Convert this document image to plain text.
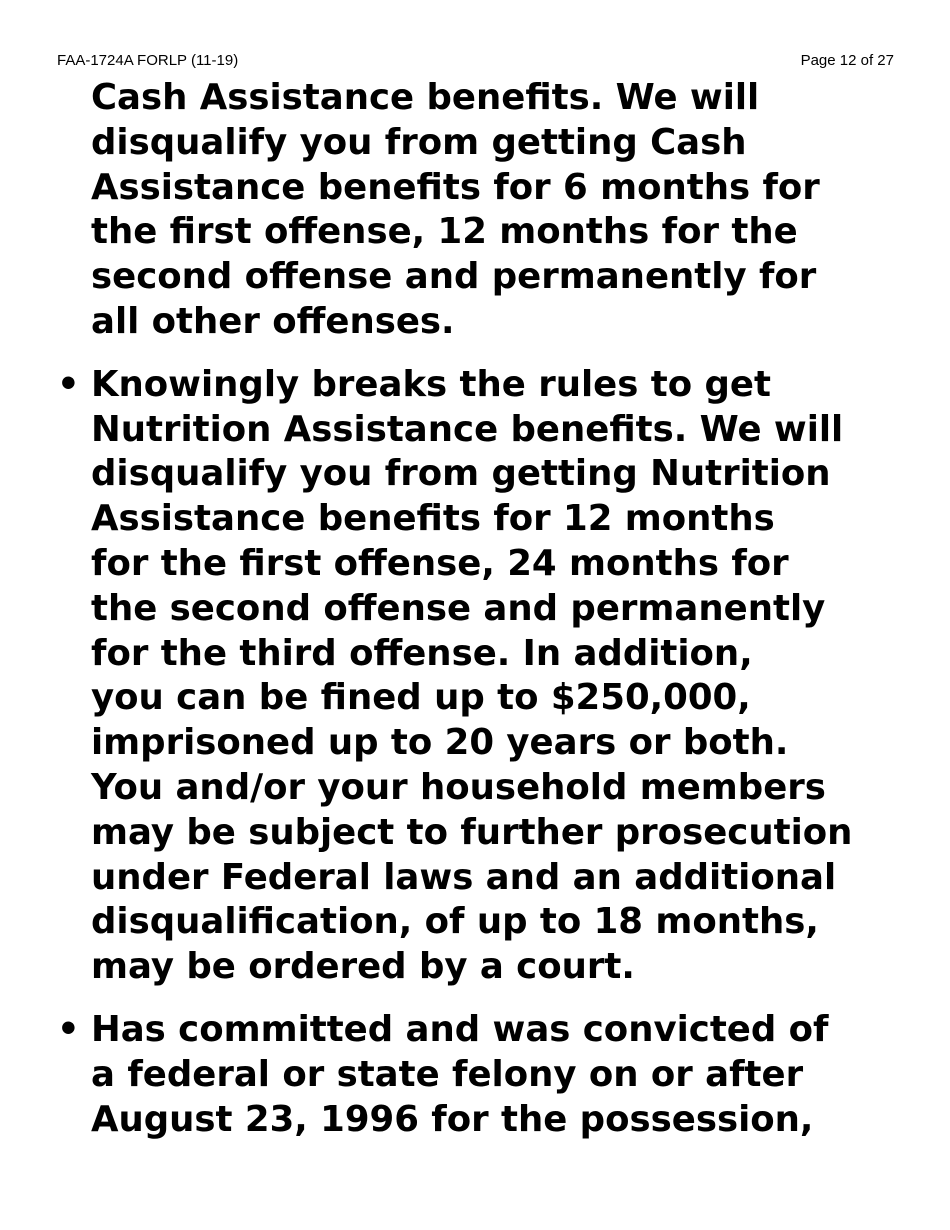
FAA-1724A FORLP (11-19)	Page 12 of 27
Cash Assistance benefits. We will
disqualify you from getting Cash
Assistance benefits for 6 months for
the first offense, 12 months for the
second offense and permanently for
all other offenses.
• Knowingly breaks the rules to get
Nutrition Assistance benefits. We will
disqualify you from getting Nutrition
Assistance benefits for 12 months
for the first offense, 24 months for
the second offense and permanently
for the third offense. In addition,
you can be fined up to $250,000,
imprisoned up to 20 years or both.
You and/or your household members
may be subject to further prosecution
under Federal laws and an additional
disqualification, of up to 18 months,
may be ordered by a court.
• Has committed and was convicted of
a federal or state felony on or after
August 23, 1996 for the possession,
